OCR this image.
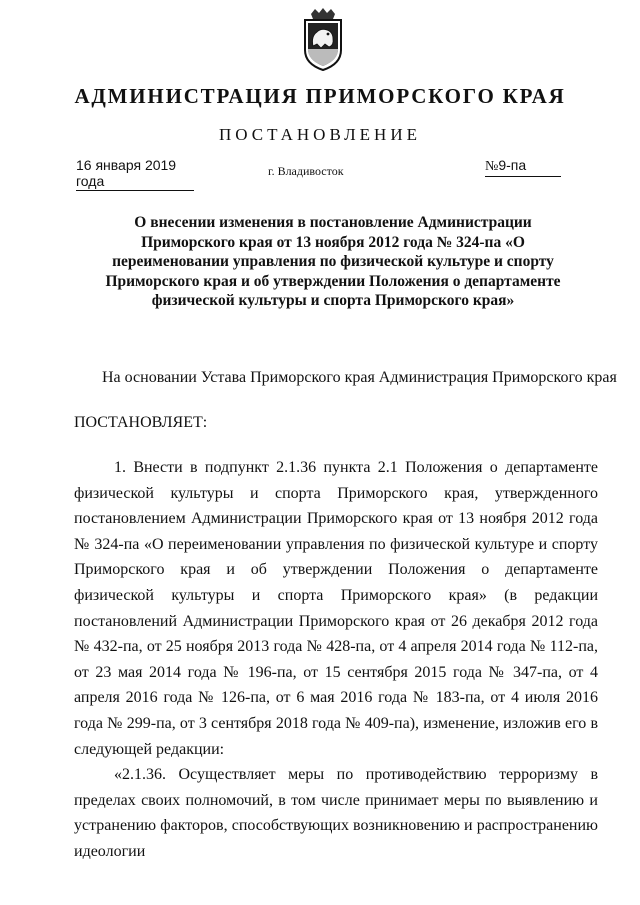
АДМИНИСТРАЦИЯ ПРИМОРСКОГО КРАЯ
ПОСТАНОВЛЕНИЕ
16 января 2019 года
г. Владивосток	№9-па
О внесении изменения в постановление Администрации Приморского края от 13 ноября 2012 года № 324-па «О переименовании управления по физической культуре и спорту Приморского края и об утверждении Положения о департаменте физической культуры и спорта Приморского края»
На основании Устава Приморского края Администрация Приморского края
ПОСТАНОВЛЯЕТ:

1. Внести в подпункт 2.1.36 пункта 2.1 Положения о департаменте физической культуры и спорта Приморского края, утвержденного постановлением Администрации Приморского края от 13 ноября 2012 года № 324-па «О переименовании управления по физической культуре и спорту Приморского края и об утверждении Положения о департаменте физической культуры и спорта Приморского края» (в редакции постановлений Администрации Приморского края от 26 декабря 2012 года № 432-па, от 25 ноября 2013 года № 428-па, от 4 апреля 2014 года № 112-па, от 23 мая 2014 года № 196-па, от 15 сентября 2015 года № 347-па, от 4 апреля 2016 года № 126-па, от 6 мая 2016 года № 183-па, от 4 июля 2016 года № 299-па, от 3 сентября 2018 года № 409-па), изменение, изложив его в следующей редакции:

«2.1.36. Осуществляет меры по противодействию терроризму в пределах своих полномочий, в том числе принимает меры по выявлению и устранению факторов, способствующих возникновению и распространению идеологии
